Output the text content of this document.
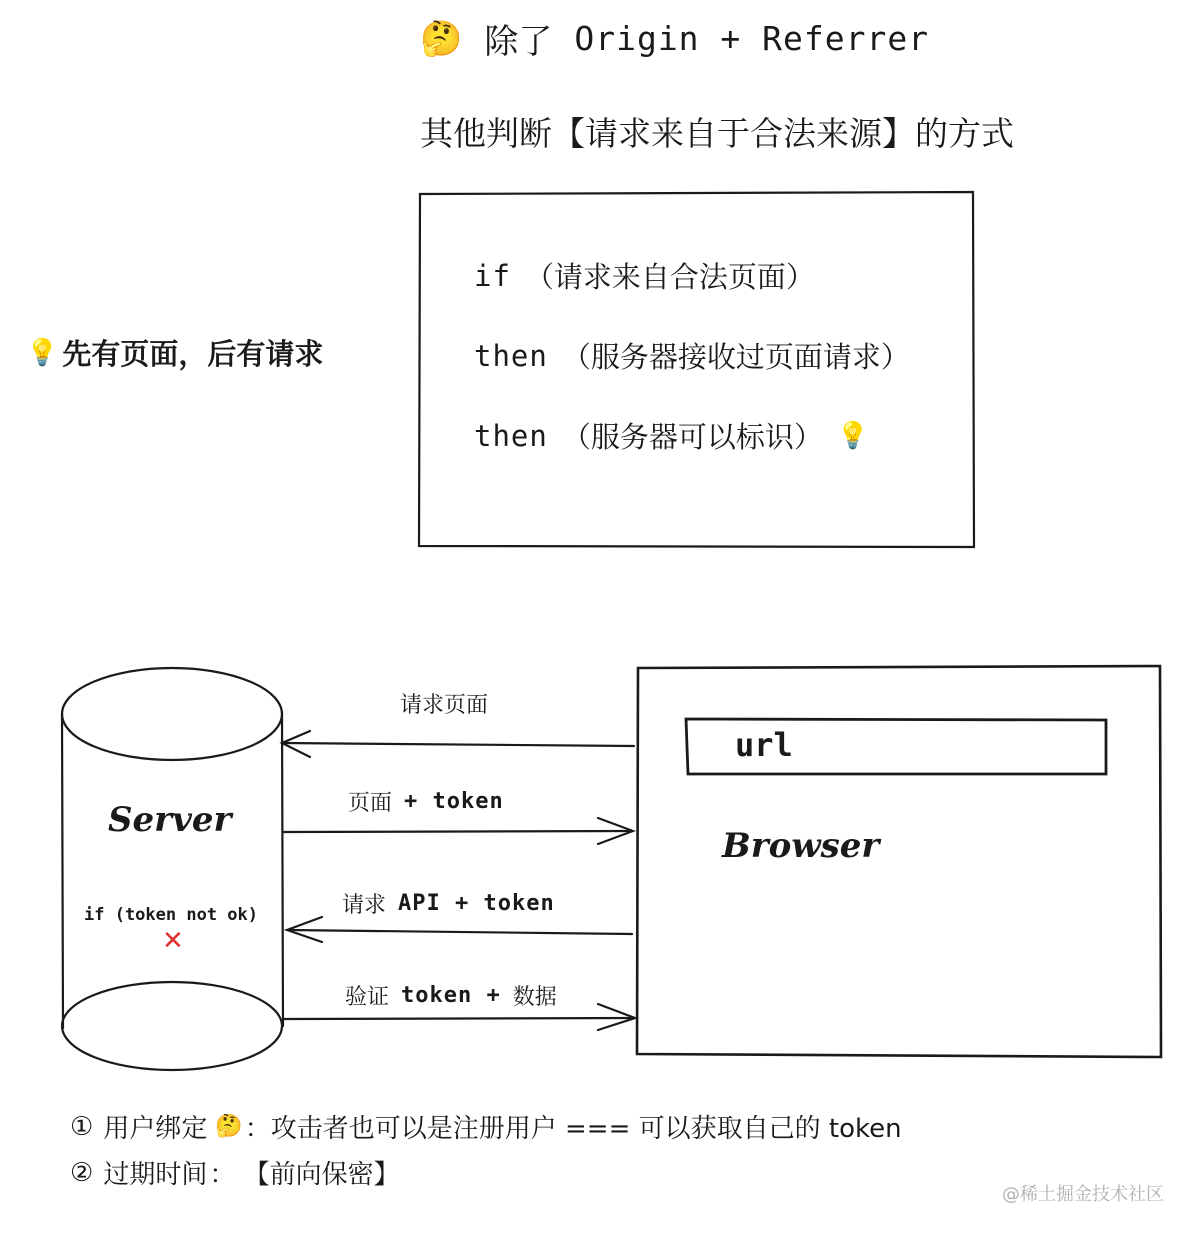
🤔 除了 Origin + Referrer
其他判断【请求来自于合法来源】的方式
💡 先有页面，后有请求
if （请求来自合法页面）
then （服务器接收过页面请求）
then （服务器可以标识） 💡
请求页面
页面 + token
请求 API + token
验证 token + 数据
Server
if (token not ok)
✕
url
Browser
① 用户绑定 🤔 ：攻击者也可以是注册用户 === 可以获取自己的 token
② 过期时间 ： 【前向保密】
@稀土掘金技术社区
